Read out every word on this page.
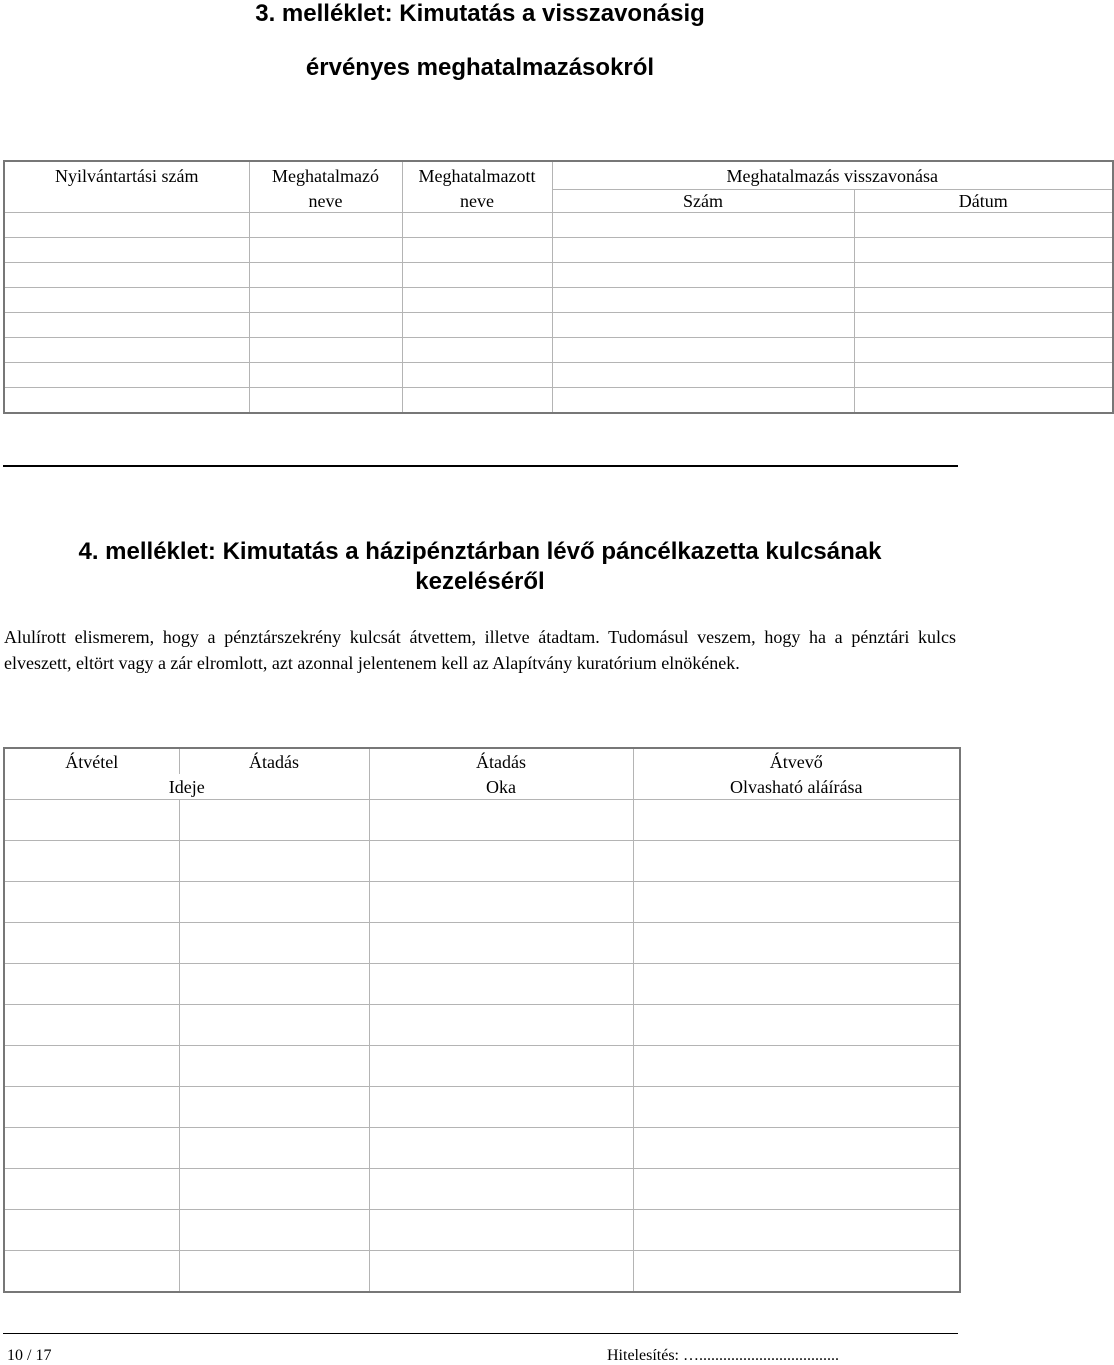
3. melléklet: Kimutatás a visszavonásig
érvényes meghatalmazásokról
Nyilvántartási szám	Meghatalmazó	Meghatalmazott	Meghatalmazás visszavonása	
	neve	neve	Szám	Dátum

4. melléklet: Kimutatás a házipénztárban lévő páncélkazetta kulcsának
kezeléséről

Alulírott elismerem, hogy a pénztárszekrény kulcsát átvettem, illetve átadtam. Tudomásul veszem, hogy ha a pénztári kulcs elveszett, eltört vagy a zár elromlott, azt azonnal jelentenem kell az Alapítvány kuratórium elnökének.

Átvétel	Átadás	Átadás	Átvevő
Ideje		Oka	Olvasható aláírása

10 / 17	Hitelesítés: …...................................
